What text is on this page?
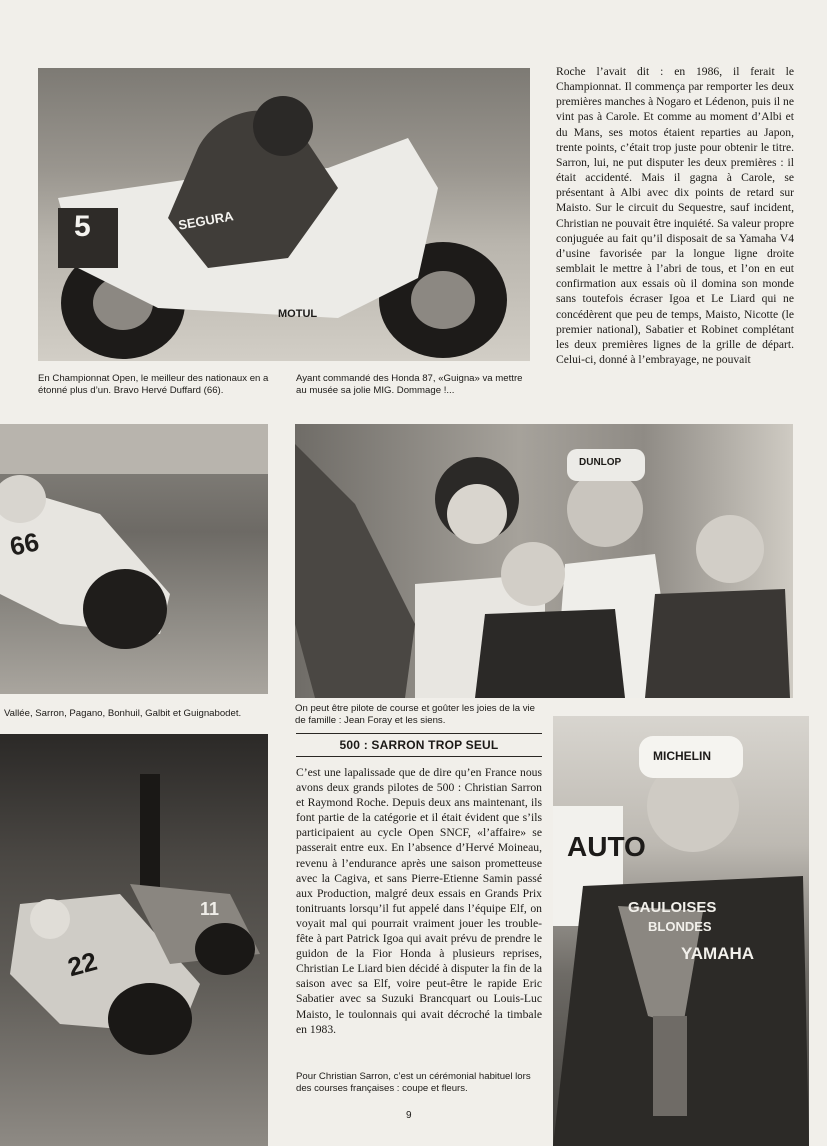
5	SEGURA
MOTUL
En Championnat Open, le meilleur des nationaux en a étonné plus d’un. Bravo Hervé Duffard (66).
Ayant commandé des Honda 87, «Guigna» va mettre au musée sa jolie MIG. Dommage !...
Roche l’avait dit : en 1986, il ferait le Championnat. Il commença par remporter les deux premières manches à Nogaro et Lédenon, puis il ne vint pas à Carole. Et comme au moment d’Albi et du Mans, ses motos étaient reparties au Japon, trente points, c’était trop juste pour obtenir le titre. Sarron, lui, ne put disputer les deux premières : il était accidenté. Mais il gagna à Carole, se présentant à Albi avec dix points de retard sur Maisto. Sur le circuit du Sequestre, sauf incident, Christian ne pouvait être inquiété. Sa valeur propre conjuguée au fait qu’il disposait de sa Yamaha V4 d’usine favorisée par la longue ligne droite semblait le mettre à l’abri de tous, et l’on en eut confirmation aux essais où il domina son monde sans toutefois écraser Igoa et Le Liard qui ne concédèrent que peu de temps, Maisto, Nicotte (le premier national), Sabatier et Robinet complétant les deux premières lignes de la grille de départ. Celui-ci, donné à l’embrayage, ne pouvait
66
DUNLOP
Vallée, Sarron, Pagano, Bonhuil, Galbit et Guignabodet.	On peut être pilote de course et goûter les joies de la vie de famille : Jean Foray et les siens.
500 : SARRON TROP SEUL
22
11
C’est une lapalissade que de dire qu’en France nous avons deux grands pilotes de 500 : Christian Sarron et Raymond Roche. Depuis deux ans maintenant, ils font partie de la catégorie et il était évident que s’ils participaient au cycle Open SNCF, «l’affaire» se passerait entre eux. En l’absence d’Hervé Moineau, revenu à l’endurance après une saison prometteuse avec la Cagiva, et sans Pierre-Etienne Samin passé aux Production, malgré deux essais en Grands Prix tonitruants lorsqu’il fut appelé dans l’équipe Elf, on voyait mal qui pourrait vraiment jouer les trouble-fête à part Patrick Igoa qui avait prévu de prendre le guidon de la Fior Honda à plusieurs reprises, Christian Le Liard bien décidé à disputer la fin de la saison avec sa Elf, voire peut-être le rapide Eric Sabatier avec sa Suzuki Brancquart ou Louis-Luc Maisto, le toulonnais qui avait décroché la timbale en 1983.
Pour Christian Sarron, c’est un cérémonial habituel lors des courses françaises : coupe et fleurs.
AUTO
MICHELIN
GAULOISES
BLONDES
YAMAHA
9
